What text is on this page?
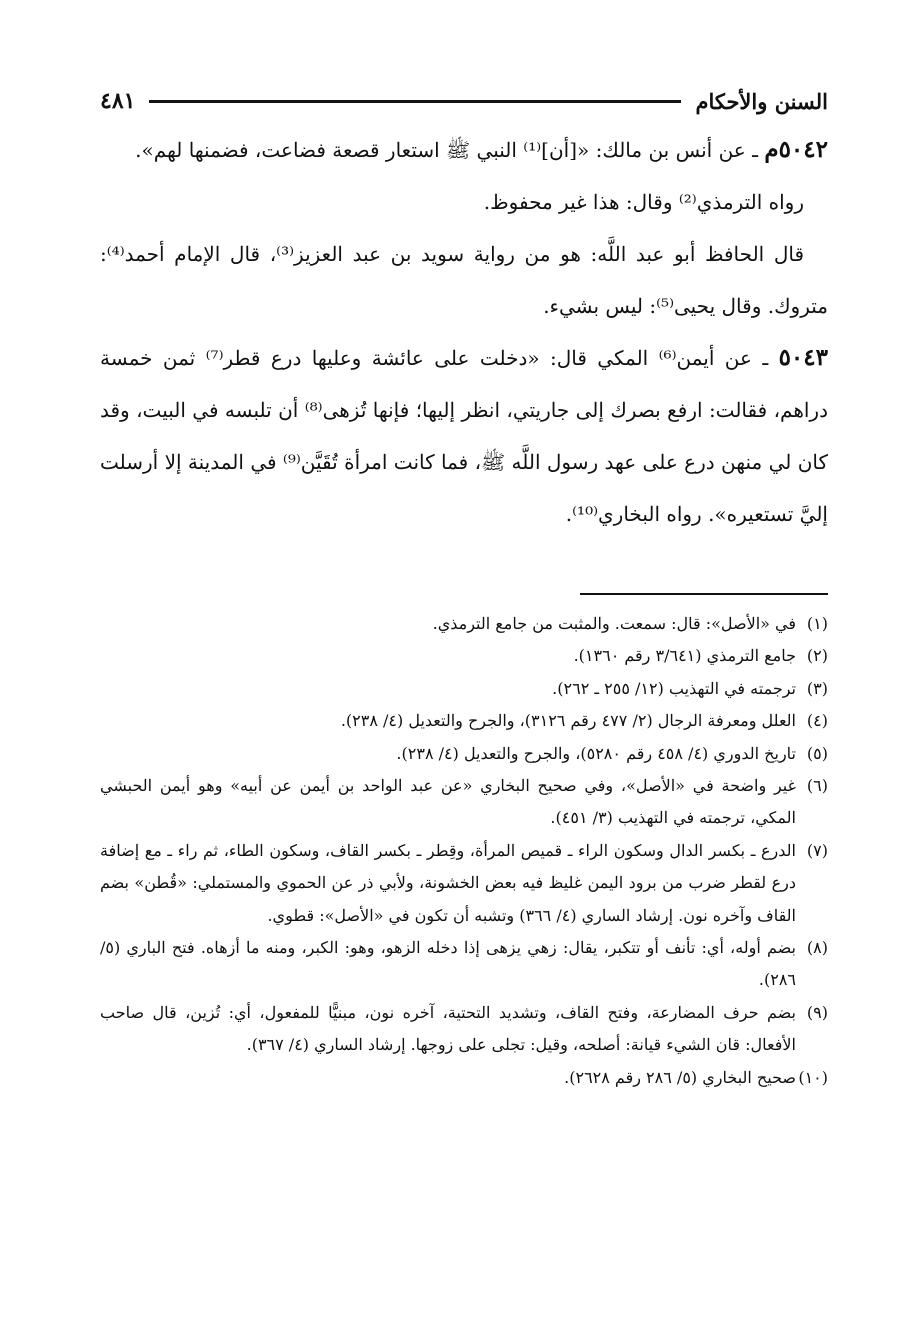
السنن والأحكام
٤٨١

٥٠٤٢م ـ عن أنس بن مالك: «[أن]⁽¹⁾ النبي ﷺ استعار قصعة فضاعت، فضمنها لهم».

رواه الترمذي⁽²⁾ وقال: هذا غير محفوظ.

قال الحافظ أبو عبد اللَّه: هو من رواية سويد بن عبد العزيز⁽³⁾، قال الإمام أحمد⁽⁴⁾: متروك. وقال يحيى⁽⁵⁾: ليس بشيء.

٥٠٤٣ ـ عن أيمن⁽⁶⁾ المكي قال: «دخلت على عائشة وعليها درع قطر⁽⁷⁾ ثمن خمسة دراهم، فقالت: ارفع بصرك إلى جاريتي، انظر إليها؛ فإنها تُزهى⁽⁸⁾ أن تلبسه في البيت، وقد كان لي منهن درع على عهد رسول اللَّه ﷺ، فما كانت امرأة تُقَيَّن⁽⁹⁾ في المدينة إلا أرسلت إليَّ تستعيره». رواه البخاري⁽¹⁰⁾.

(١)
في «الأصل»: قال: سمعت. والمثبت من جامع الترمذي.
(٢)
جامع الترمذي (٣/٦٤١ رقم ١٣٦٠).
(٣)
ترجمته في التهذيب (١٢/ ٢٥٥ ـ ٢٦٢).
(٤)
العلل ومعرفة الرجال (٢/ ٤٧٧ رقم ٣١٢٦)، والجرح والتعديل (٤/ ٢٣٨).
(٥)
تاريخ الدوري (٤/ ٤٥٨ رقم ٥٢٨٠)، والجرح والتعديل (٤/ ٢٣٨).
(٦)
غير واضحة في «الأصل»، وفي صحيح البخاري «عن عبد الواحد بن أيمن عن أبيه» وهو أيمن الحبشي المكي، ترجمته في التهذيب (٣/ ٤٥١).
(٧)
الدرع ـ بكسر الدال وسكون الراء ـ قميص المرأة، وقِطر ـ بكسر القاف، وسكون الطاء، ثم راء ـ مع إضافة درع لقطر ضرب من برود اليمن غليظ فيه بعض الخشونة، ولأبي ذر عن الحموي والمستملي: «قُطن» بضم القاف وآخره نون. إرشاد الساري (٤/ ٣٦٦) وتشبه أن تكون في «الأصل»: قطوي.
(٨)
بضم أوله، أي: تأنف أو تتكبر، يقال: زهي يزهى إذا دخله الزهو، وهو: الكبر، ومنه ما أزهاه. فتح الباري (٥/ ٢٨٦).
(٩)
بضم حرف المضارعة، وفتح القاف، وتشديد التحتية، آخره نون، مبنيًّا للمفعول، أي: تُزين، قال صاحب الأفعال: قان الشيء قيانة: أصلحه، وقيل: تجلى على زوجها. إرشاد الساري (٤/ ٣٦٧).
(١٠)
صحيح البخاري (٥/ ٢٨٦ رقم ٢٦٢٨).
